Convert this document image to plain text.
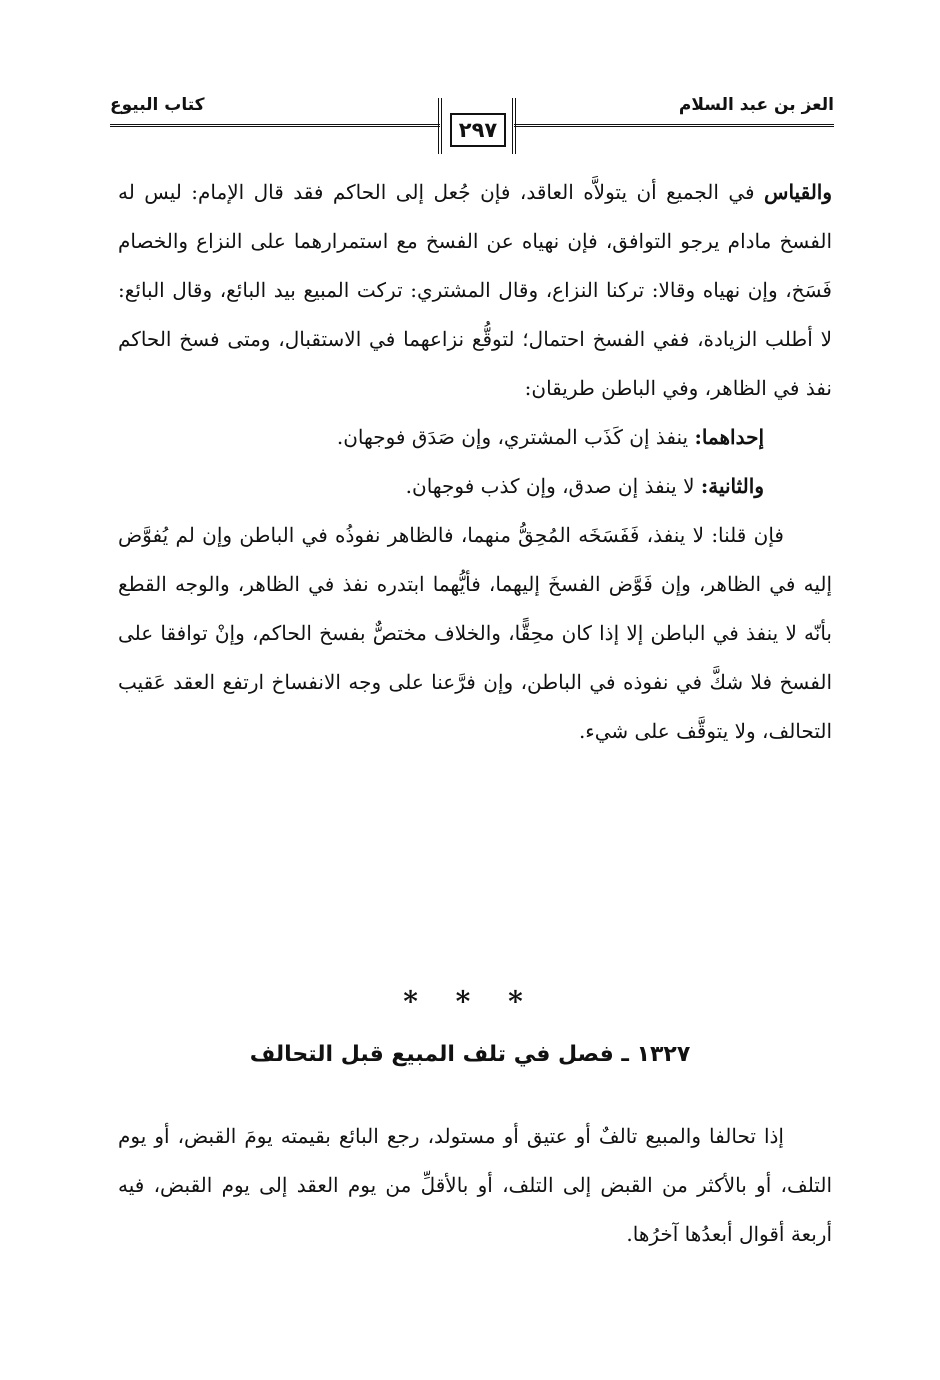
العز بن عبد السلام
كتاب البيوع
٢٩٧

والقياس في الجميع أن يتولاَّه العاقد، فإن جُعل إلى الحاكم فقد قال الإمام: ليس له الفسخ مادام يرجو التوافق، فإن نهياه عن الفسخ مع استمرارهما على النزاع والخصام فَسَخ، وإن نهياه وقالا: تركنا النزاع، وقال المشتري: تركت المبيع بيد البائع، وقال البائع: لا أطلب الزيادة، ففي الفسخ احتمال؛ لتوقُّع نزاعهما في الاستقبال، ومتى فسخ الحاكم نفذ في الظاهر، وفي الباطن طريقان:

إحداهما: ينفذ إن كَذَب المشتري، وإن صَدَق فوجهان.

والثانية: لا ينفذ إن صدق، وإن كذب فوجهان.

فإن قلنا: لا ينفذ، فَفَسَخَه المُحِقُّ منهما، فالظاهر نفوذُه في الباطن وإن لم يُفوَّض إليه في الظاهر، وإن فَوَّض الفسخَ إليهما، فأيُّهما ابتدره نفذ في الظاهر، والوجه القطع بأنّه لا ينفذ في الباطن إلا إذا كان محِقًّا، والخلاف مختصٌّ بفسخ الحاكم، وإنْ توافقا على الفسخ فلا شكَّ في نفوذه في الباطن، وإن فرَّعنا على وجه الانفساخ ارتفع العقد عَقيب التحالف، ولا يتوقَّف على شيء.

* * *
١٣٢٧ ـ فصل في تلف المبيع قبل التحالف

إذا تحالفا والمبيع تالفٌ أو عتيق أو مستولد، رجع البائع بقيمته يومَ القبض، أو يوم التلف، أو بالأكثر من القبض إلى التلف، أو بالأقلِّ من يوم العقد إلى يوم القبض، فيه أربعة أقوال أبعدُها آخرُها.
